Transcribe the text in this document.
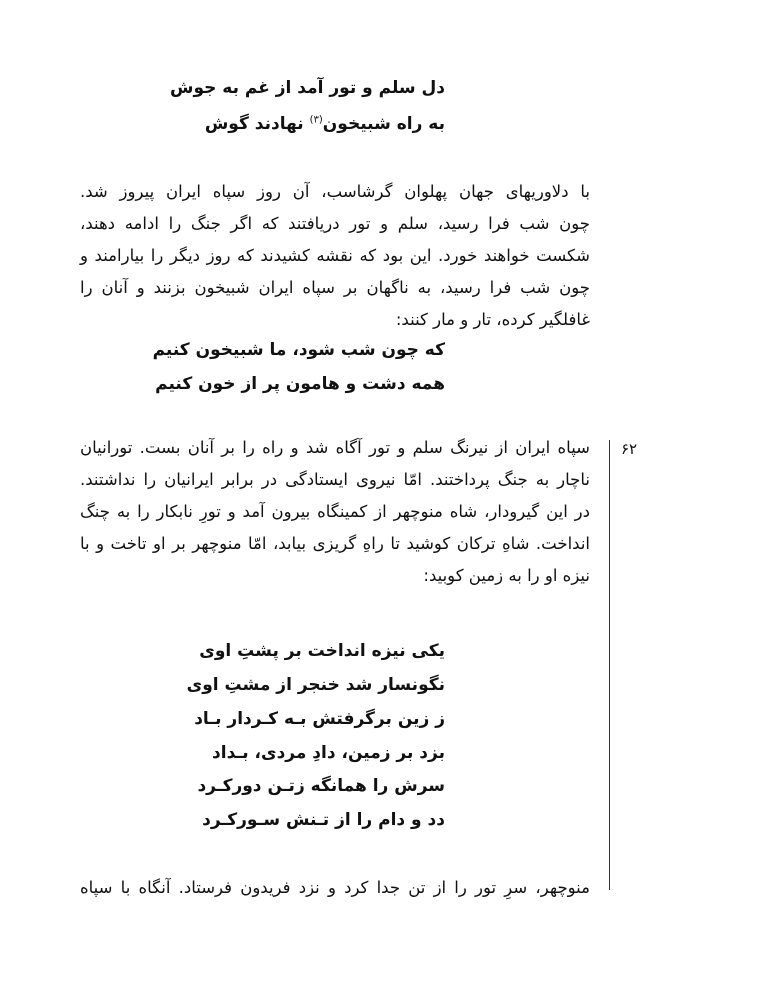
دل سلم و تور آمد از غم به جوش
به راه شبیخون$^{(۳)}$ نهادند گوش
با دلاوریهای جهان پهلوان گرشاسب، آن روز سپاه ایران پیروز شد.
چون شب فرا رسید، سلم و تور دریافتند که اگر جنگ را ادامه دهند،
شکست خواهند خورد. این بود که نقشه کشیدند که روز دیگر را بیارامند و
چون شب فرا رسید، به ناگهان بر سپاه ایران شبیخون بزنند و آنان را
غافلگیر کرده، تار و مار کنند:
که چون شب شود، ما شبیخون کنیم
همه دشت و هامون پر از خون کنیم
۶۲
سپاه ایران از نیرنگ سلم و تور آگاه شد و راه را بر آنان بست. تورانیان
ناچار به جنگ پرداختند. امّا نیروی ایستادگی در برابر ایرانیان را نداشتند.
در این گیرودار، شاه منوچهر از کمینگاه بیرون آمد و تورِ نابکار را به چنگ
انداخت. شاهِ ترکان کوشید تا راهِ گریزی بیابد، امّا منوچهر بر او تاخت و با
نیزه او را به زمین کوبید:
یکی نیزه انداخت بر پشتِ اوی
نگونسار شد خنجر از مشتِ اوی
ز زین برگرفتش بـه کـردار بـاد
بزد بر زمین، دادِ مردی، بـداد
سرش را همانگه زتـن دورکـرد
دد و دام را از تـنش سـورکـرد
منوچهر، سرِ تور را از تن جدا کرد و نزد فریدون فرستاد. آنگاه با سپاه
